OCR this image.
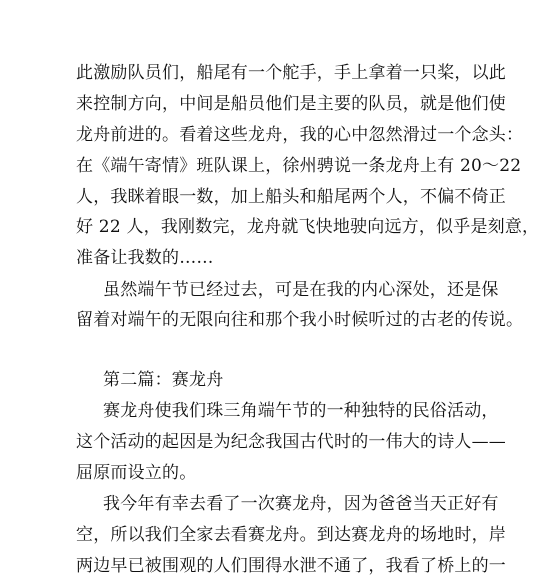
此激励队员们，船尾有一个舵手，手上拿着一只桨，以此
来控制方向，中间是船员他们是主要的队员，就是他们使
龙舟前进的。看着这些龙舟，我的心中忽然滑过一个念头：
在《端午寄情》班队课上，徐州骋说一条龙舟上有 20～22
人，我眯着眼一数，加上船头和船尾两个人，不偏不倚正
好 22 人，我刚数完，龙舟就飞快地驶向远方，似乎是刻意，
准备让我数的……
虽然端午节已经过去，可是在我的内心深处，还是保
留着对端午的无限向往和那个我小时候听过的古老的传说。
第二篇：赛龙舟
赛龙舟使我们珠三角端午节的一种独特的民俗活动，
这个活动的起因是为纪念我国古代时的一伟大的诗人——
屈原而设立的。
我今年有幸去看了一次赛龙舟，因为爸爸当天正好有
空，所以我们全家去看赛龙舟。到达赛龙舟的场地时，岸
两边早已被围观的人们围得水泄不通了，我看了桥上的一
